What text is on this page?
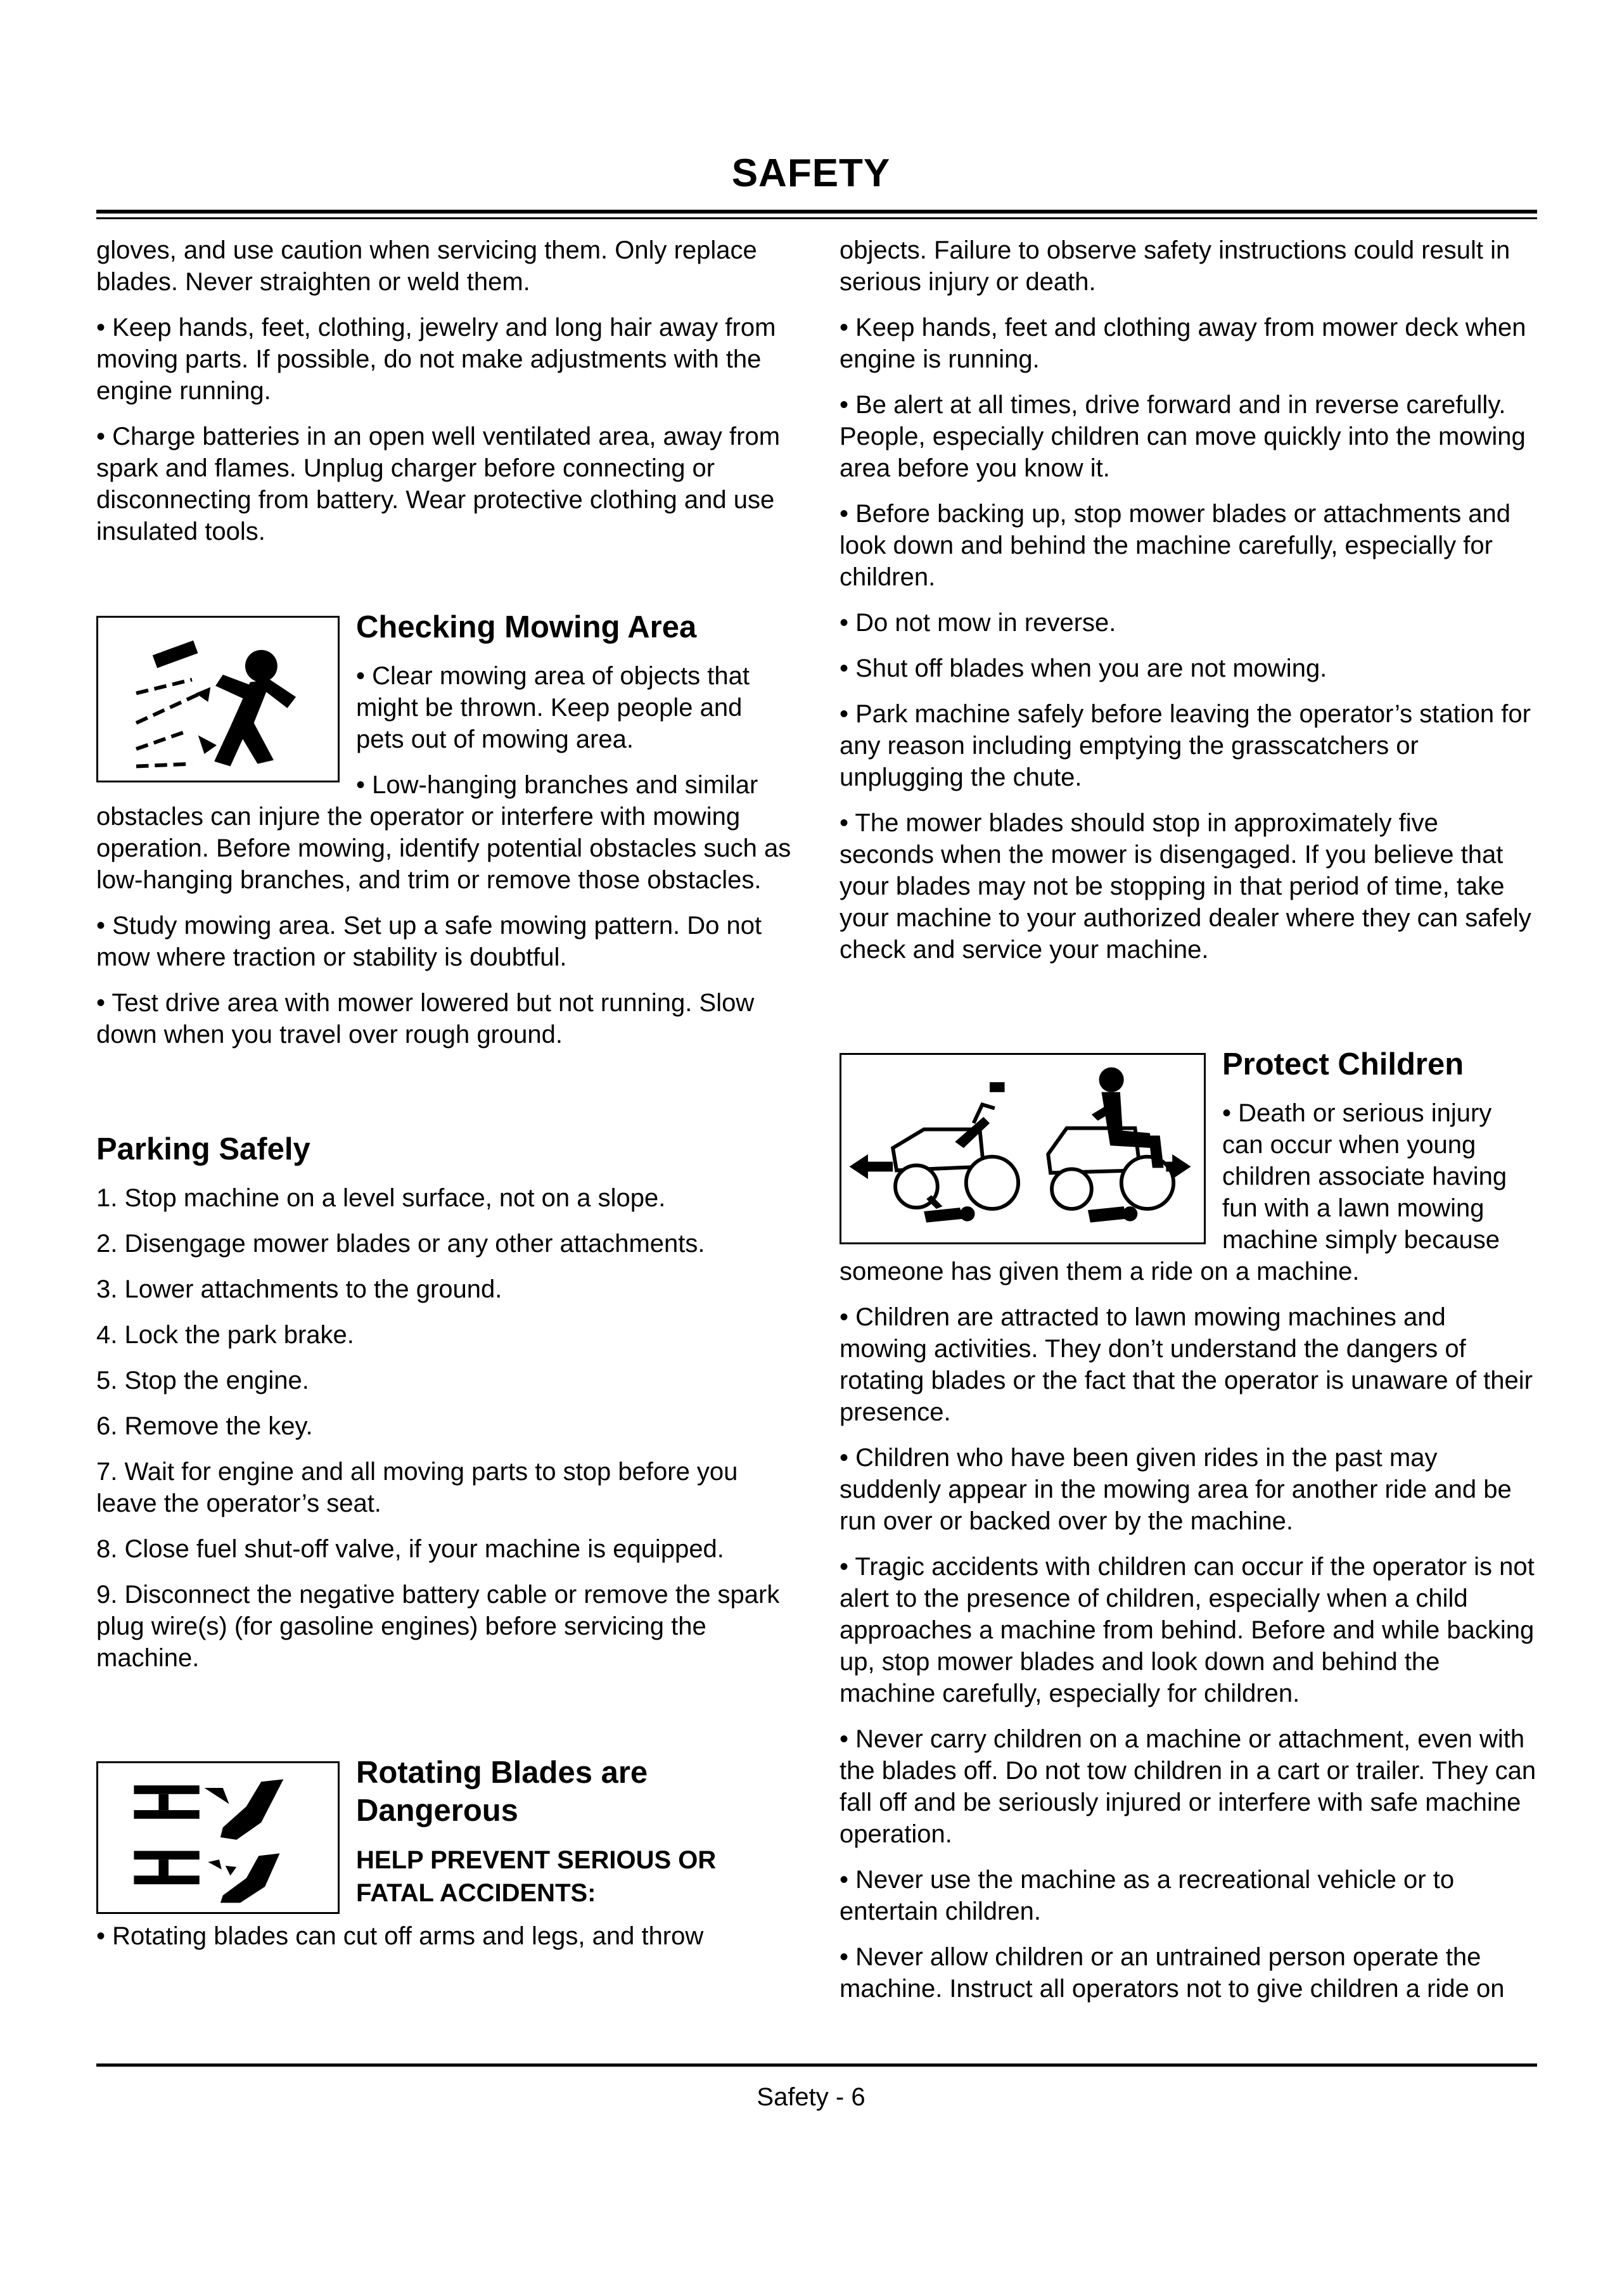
SAFETY

gloves, and use caution when servicing them. Only replace blades. Never straighten or weld them.

• Keep hands, feet, clothing, jewelry and long hair away from moving parts. If possible, do not make adjustments with the engine running.

• Charge batteries in an open well ventilated area, away from spark and flames. Unplug charger before connecting or disconnecting from battery. Wear protective clothing and use insulated tools.

Checking Mowing Area

• Clear mowing area of objects that might be thrown. Keep people and pets out of mowing area.

• Low-hanging branches and similar obstacles can injure the operator or interfere with mowing operation. Before mowing, identify potential obstacles such as low-hanging branches, and trim or remove those obstacles.

• Study mowing area. Set up a safe mowing pattern. Do not mow where traction or stability is doubtful.

• Test drive area with mower lowered but not running. Slow down when you travel over rough ground.

Parking Safely

1. Stop machine on a level surface, not on a slope.

2. Disengage mower blades or any other attachments.

3. Lower attachments to the ground.

4. Lock the park brake.

5. Stop the engine.

6. Remove the key.

7. Wait for engine and all moving parts to stop before you leave the operator’s seat.

8. Close fuel shut-off valve, if your machine is equipped.

9. Disconnect the negative battery cable or remove the spark plug wire(s) (for gasoline engines) before servicing the machine.

Rotating Blades are Dangerous
HELP PREVENT SERIOUS OR FATAL ACCIDENTS:

• Rotating blades can cut off arms and legs, and throw

objects. Failure to observe safety instructions could result in serious injury or death.

• Keep hands, feet and clothing away from mower deck when engine is running.

• Be alert at all times, drive forward and in reverse carefully. People, especially children can move quickly into the mowing area before you know it.

• Before backing up, stop mower blades or attachments and look down and behind the machine carefully, especially for children.

• Do not mow in reverse.

• Shut off blades when you are not mowing.

• Park machine safely before leaving the operator’s station for any reason including emptying the grasscatchers or unplugging the chute.

• The mower blades should stop in approximately five seconds when the mower is disengaged. If you believe that your blades may not be stopping in that period of time, take your machine to your authorized dealer where they can safely check and service your machine.

Protect Children

• Death or serious injury can occur when young children associate having fun with a lawn mowing machine simply because someone has given them a ride on a machine.

• Children are attracted to lawn mowing machines and mowing activities. They don’t understand the dangers of rotating blades or the fact that the operator is unaware of their presence.

• Children who have been given rides in the past may suddenly appear in the mowing area for another ride and be run over or backed over by the machine.

• Tragic accidents with children can occur if the operator is not alert to the presence of children, especially when a child approaches a machine from behind. Before and while backing up, stop mower blades and look down and behind the machine carefully, especially for children.

• Never carry children on a machine or attachment, even with the blades off. Do not tow children in a cart or trailer. They can fall off and be seriously injured or interfere with safe machine operation.

• Never use the machine as a recreational vehicle or to entertain children.

• Never allow children or an untrained person operate the machine. Instruct all operators not to give children a ride on

Safety - 6
